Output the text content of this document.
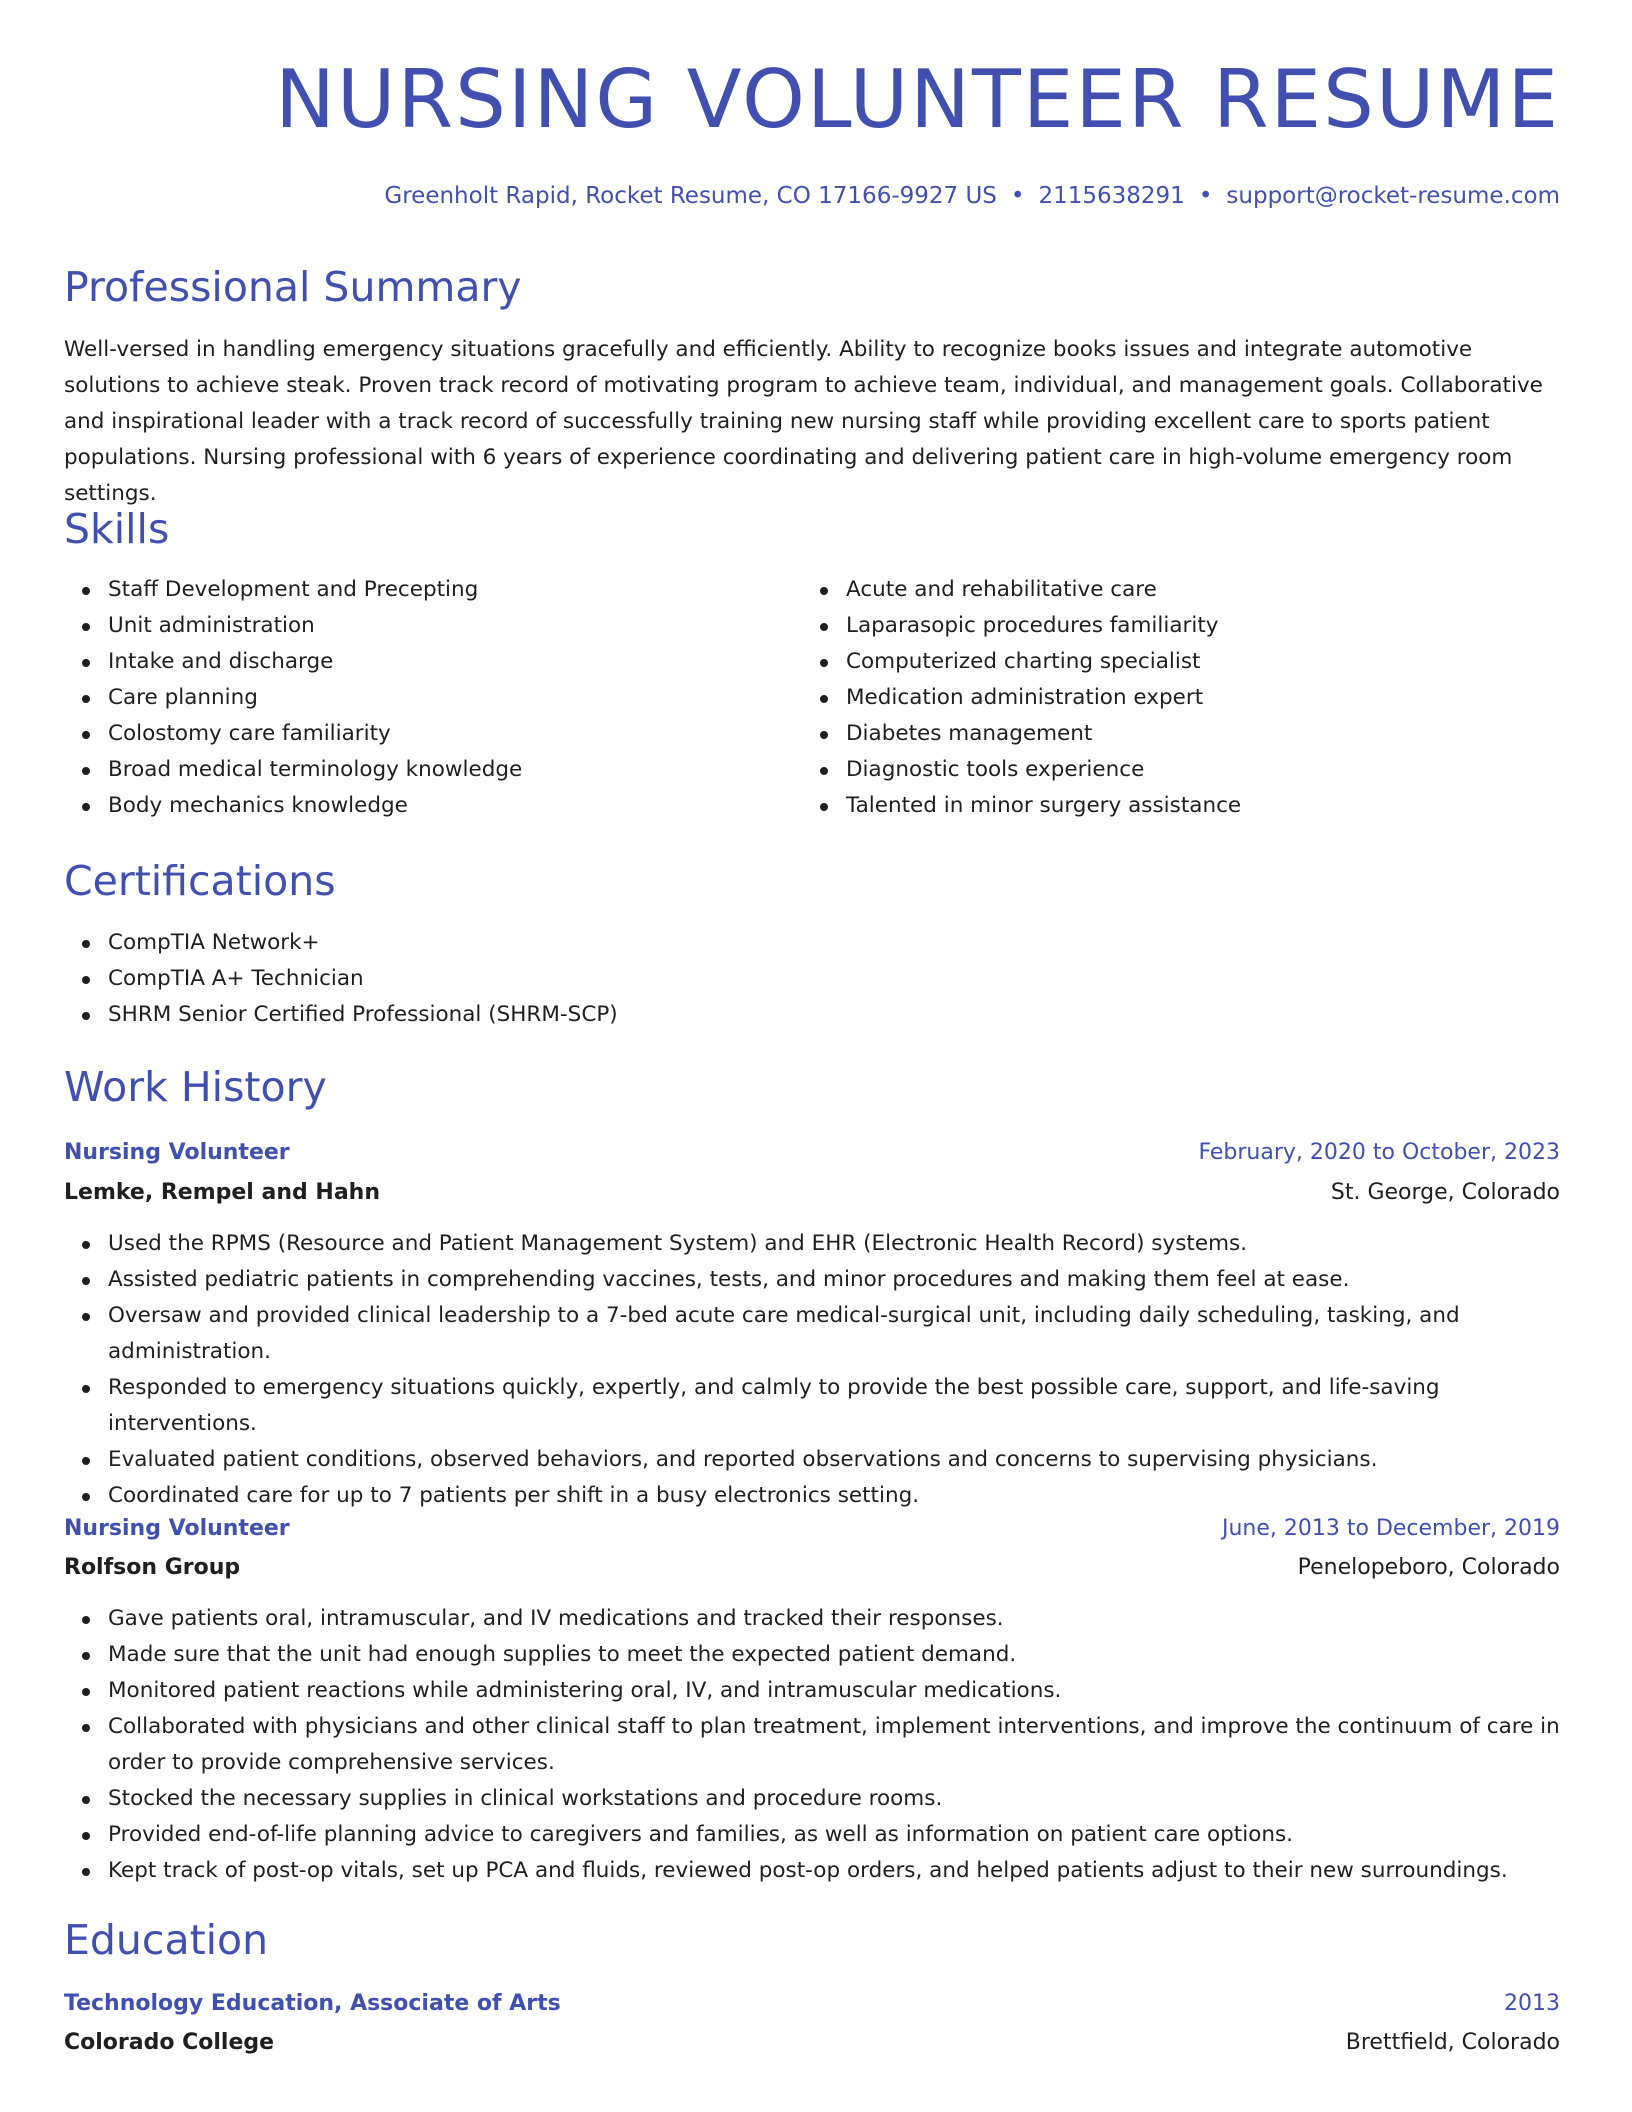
NURSING VOLUNTEER RESUME
Greenholt Rapid, Rocket Resume, CO 17166-9927 US • 2115638291 • support@rocket-resume.com
Professional Summary

Well-versed in handling emergency situations gracefully and efficiently. Ability to recognize books issues and integrate automotive solutions to achieve steak. Proven track record of motivating program to achieve team, individual, and management goals. Collaborative and inspirational leader with a track record of successfully training new nursing staff while providing excellent care to sports patient populations. Nursing professional with 6 years of experience coordinating and delivering patient care in high-volume emergency room settings.

Skills
Staff Development and Precepting
Unit administration
Intake and discharge
Care planning
Colostomy care familiarity
Broad medical terminology knowledge
Body mechanics knowledge
Acute and rehabilitative care
Laparasopic procedures familiarity
Computerized charting specialist
Medication administration expert
Diabetes management
Diagnostic tools experience
Talented in minor surgery assistance
Certifications
CompTIA Network+
CompTIA A+ Technician
SHRM Senior Certified Professional (SHRM-SCP)
Work History
Nursing Volunteer	February, 2020 to October, 2023
Lemke, Rempel and Hahn	St. George, Colorado
Used the RPMS (Resource and Patient Management System) and EHR (Electronic Health Record) systems.
Assisted pediatric patients in comprehending vaccines, tests, and minor procedures and making them feel at ease.
Oversaw and provided clinical leadership to a 7-bed acute care medical-surgical unit, including daily scheduling, tasking, and administration.
Responded to emergency situations quickly, expertly, and calmly to provide the best possible care, support, and life-saving interventions.
Evaluated patient conditions, observed behaviors, and reported observations and concerns to supervising physicians.
Coordinated care for up to 7 patients per shift in a busy electronics setting.
Nursing Volunteer	June, 2013 to December, 2019
Rolfson Group	Penelopeboro, Colorado
Gave patients oral, intramuscular, and IV medications and tracked their responses.
Made sure that the unit had enough supplies to meet the expected patient demand.
Monitored patient reactions while administering oral, IV, and intramuscular medications.
Collaborated with physicians and other clinical staff to plan treatment, implement interventions, and improve the continuum of care in order to provide comprehensive services.
Stocked the necessary supplies in clinical workstations and procedure rooms.
Provided end-of-life planning advice to caregivers and families, as well as information on patient care options.
Kept track of post-op vitals, set up PCA and fluids, reviewed post-op orders, and helped patients adjust to their new surroundings.
Education
Technology Education, Associate of Arts	2013
Colorado College	Brettfield, Colorado
